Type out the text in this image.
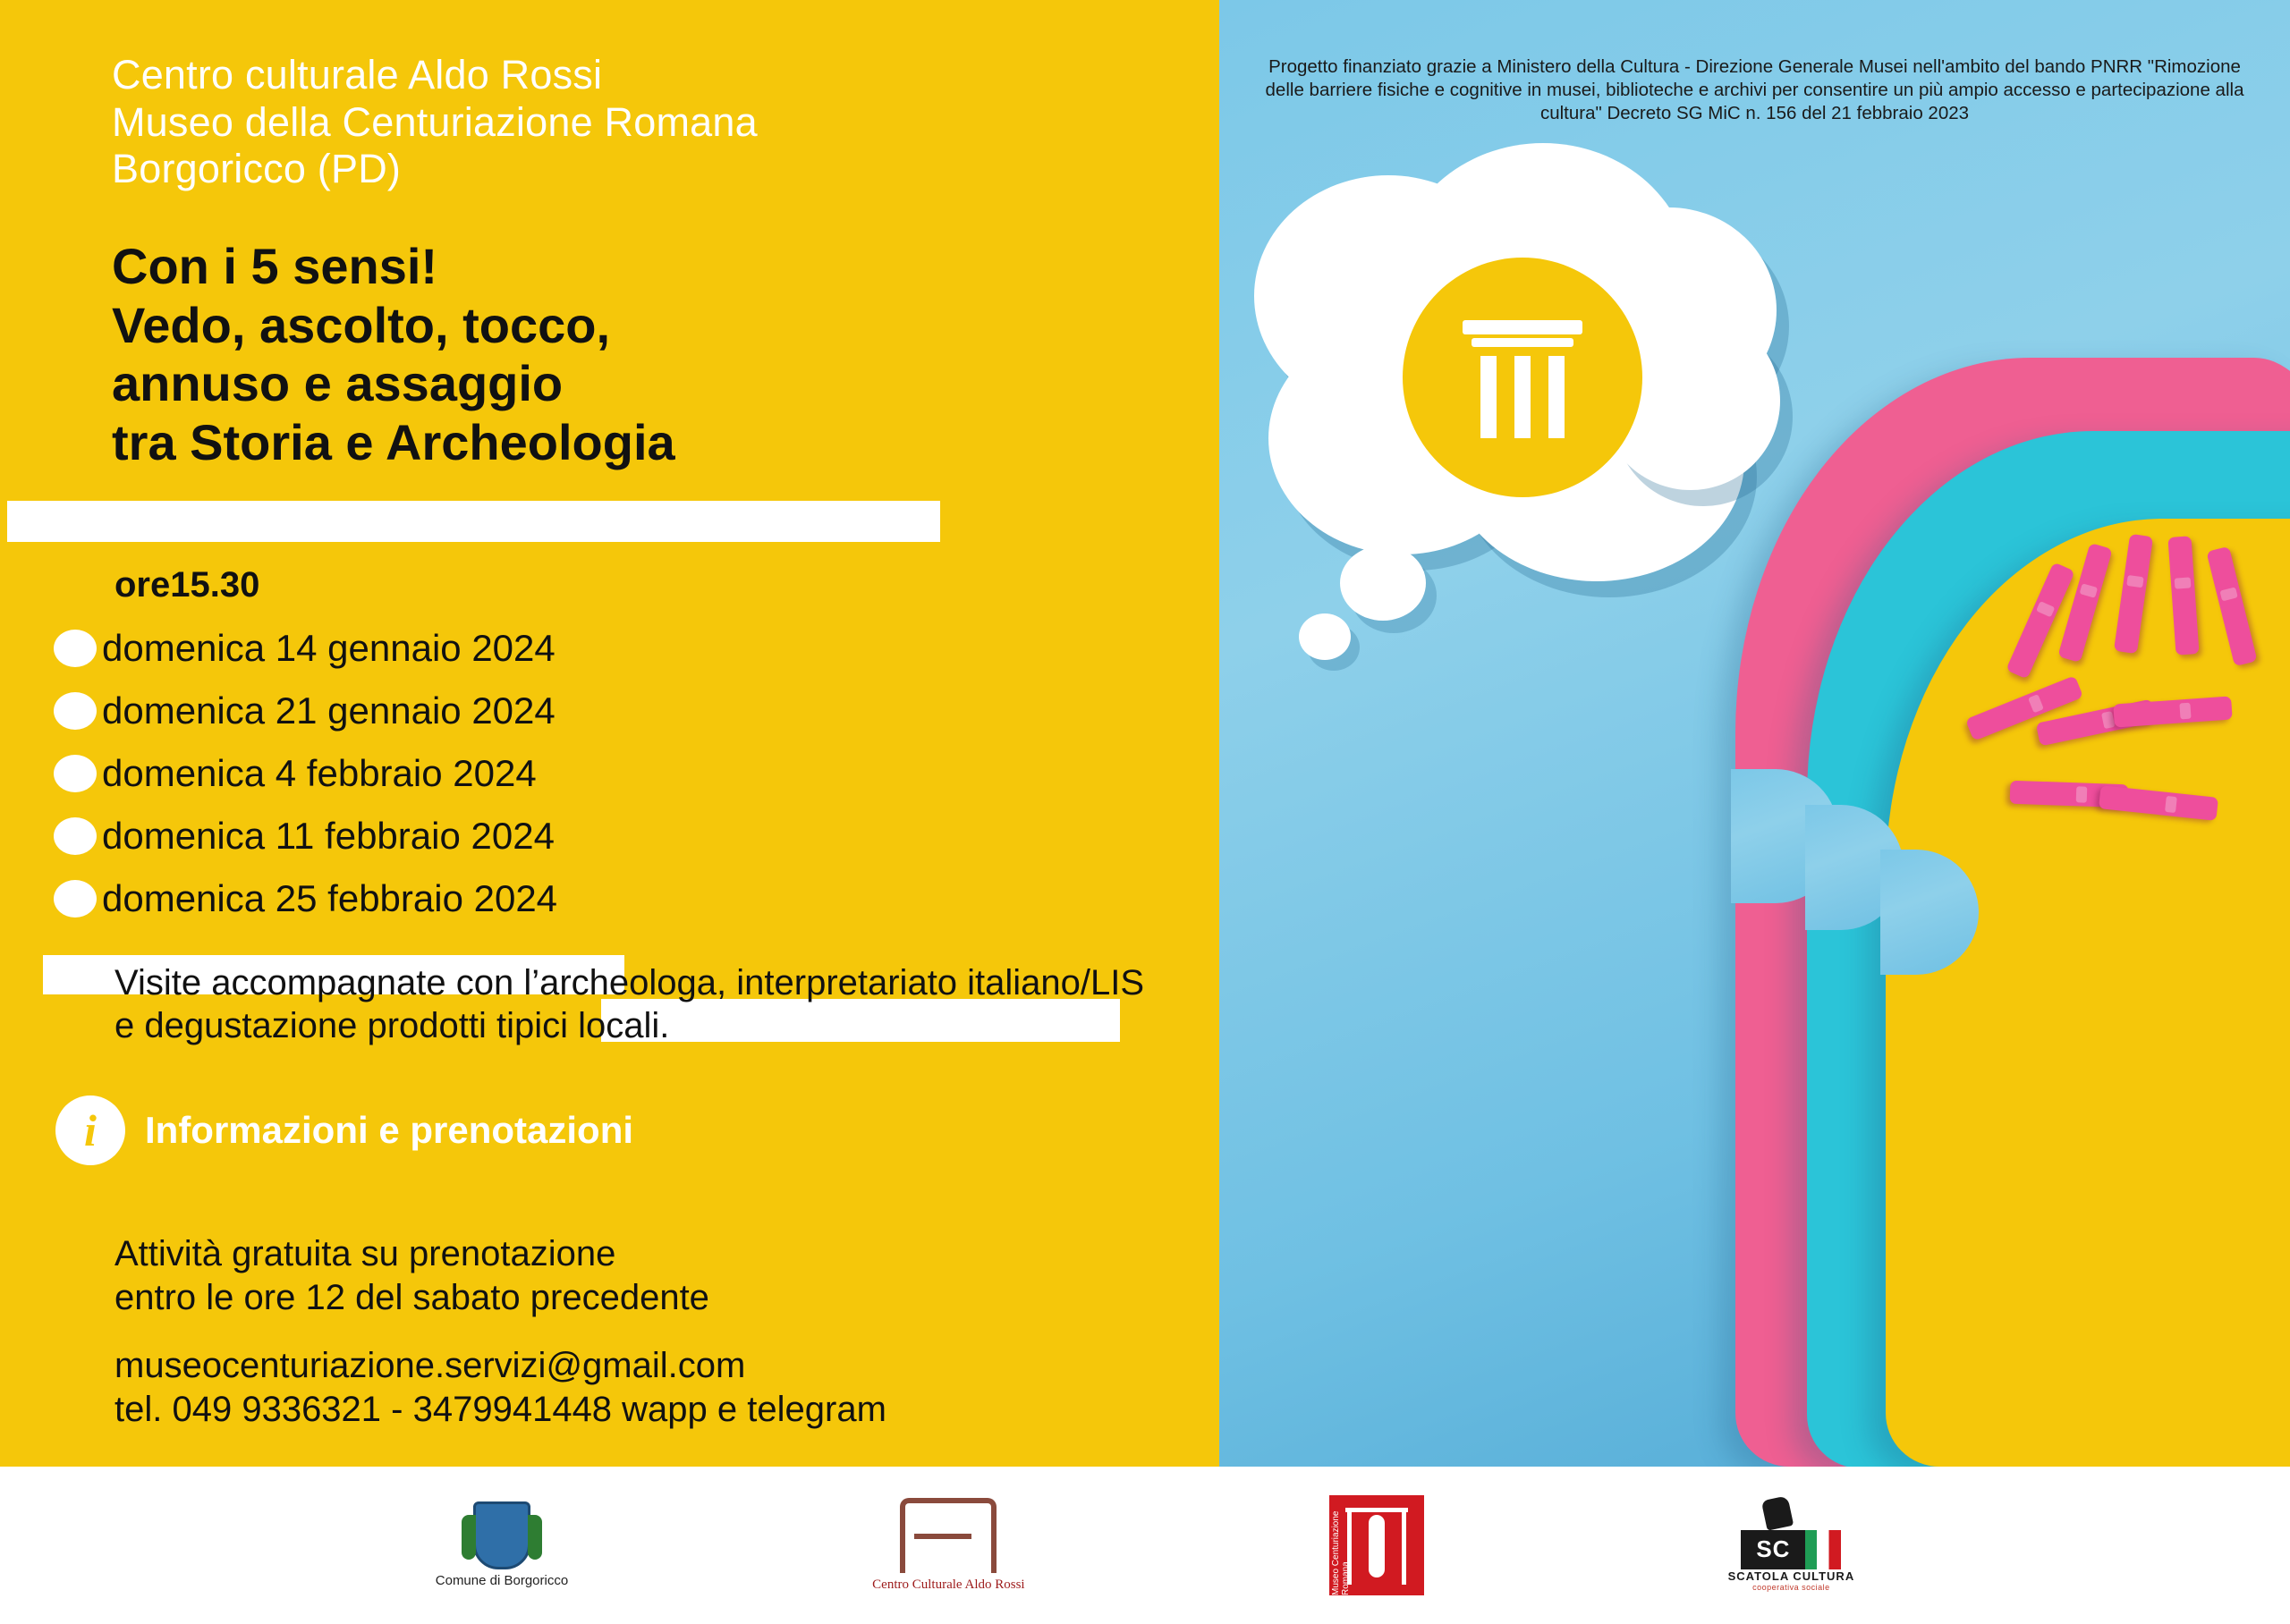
Centro culturale Aldo Rossi
Museo della Centuriazione Romana
Borgoricco (PD)
Con i 5 sensi!
Vedo, ascolto, tocco,
annuso e assaggio
tra Storia e Archeologia
ore15.30
domenica 14 gennaio 2024
domenica 21 gennaio 2024
domenica 4 febbraio 2024
domenica 11 febbraio 2024
domenica 25 febbraio 2024
Visite accompagnate con l’archeologa, interpretariato italiano/LIS e degustazione prodotti tipici locali.
i	Informazioni e prenotazioni
Attività gratuita su prenotazione
entro le ore 12 del sabato precedente
museocenturiazione.servizi@gmail.com
tel. 049 9336321 - 3479941448 wapp e telegram
Progetto finanziato grazie a Ministero della Cultura - Direzione Generale Musei nell'ambito del bando PNRR "Rimozione delle barriere fisiche e cognitive in musei, biblioteche e archivi per consentire un più ampio accesso e partecipazione alla cultura" Decreto SG MiC n. 156 del 21 febbraio 2023
Comune di Borgoricco	Centro Culturale Aldo Rossi	Museo Centuriazione Romana
SC
SCATOLA CULTURA
cooperativa sociale
